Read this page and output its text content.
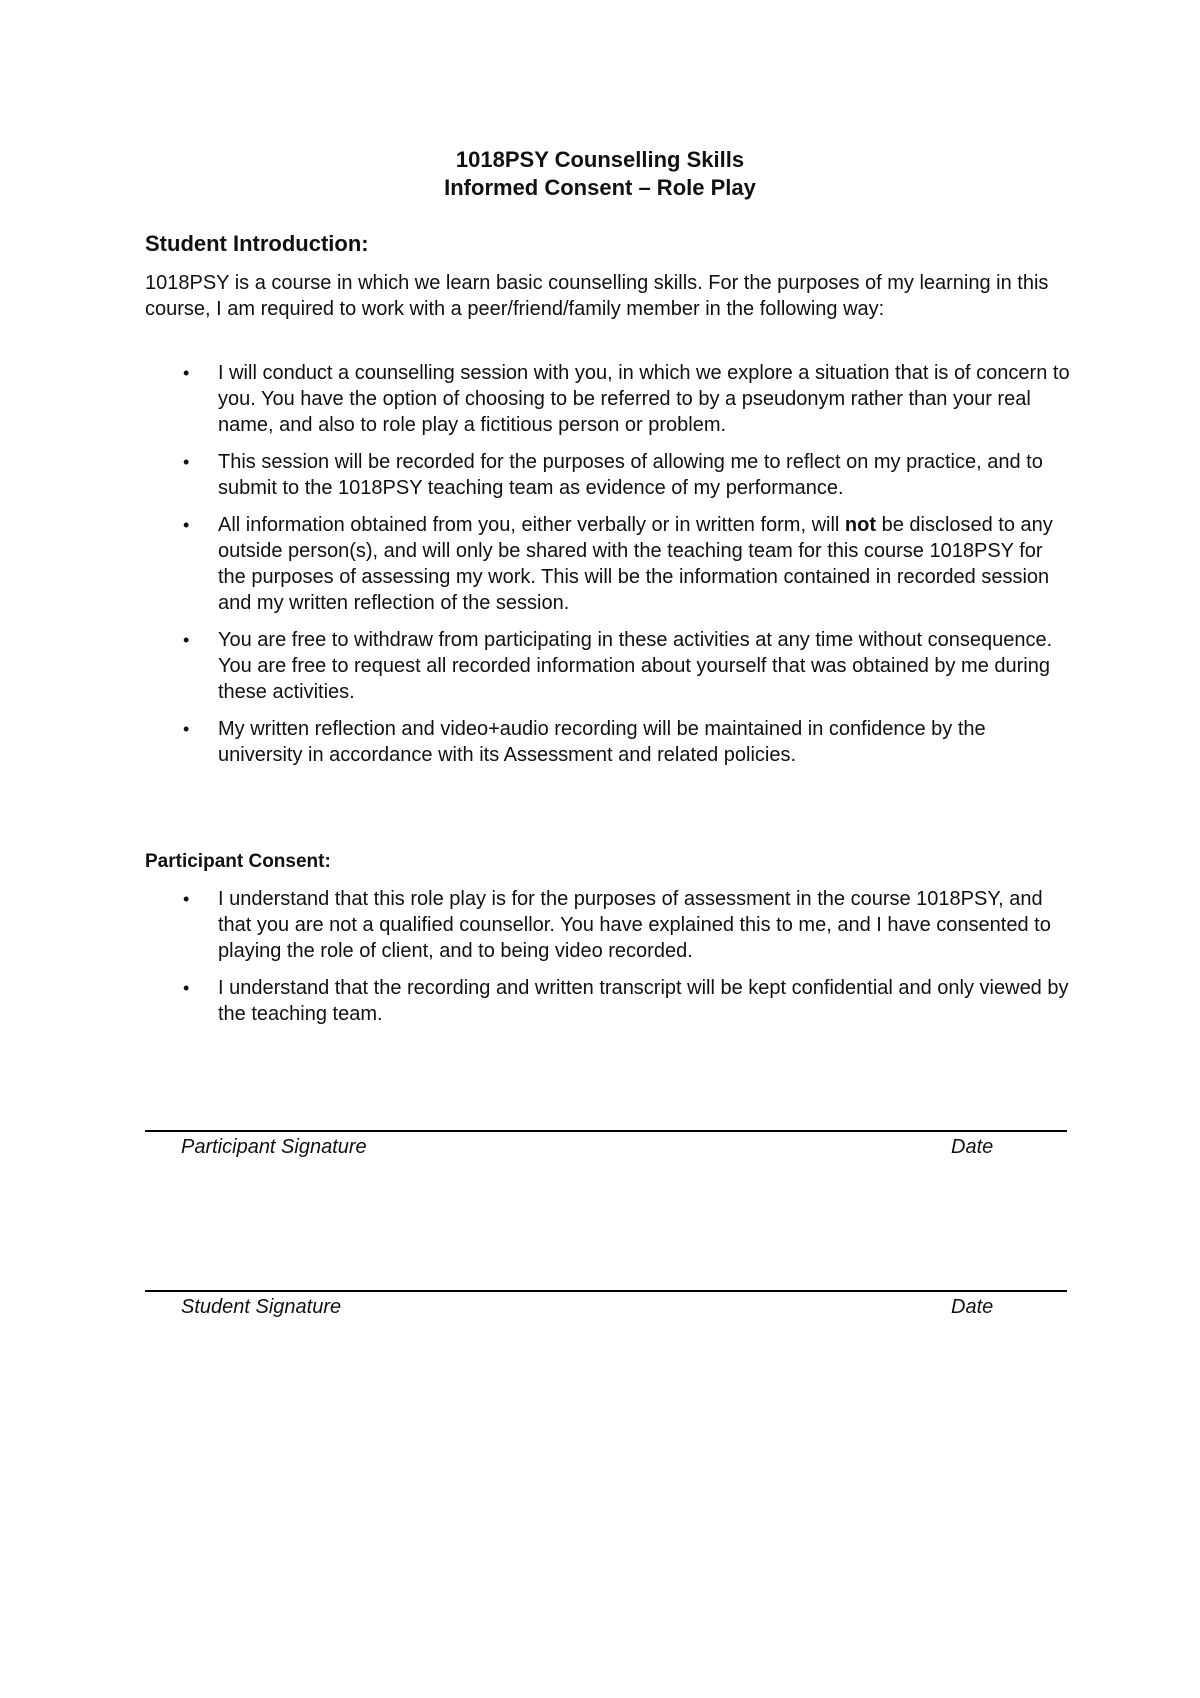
1018PSY Counselling Skills

Informed Consent – Role Play

Student Introduction:

1018PSY is a course in which we learn basic counselling skills. For the purposes of my learning in this course, I am required to work with a peer/friend/family member in the following way:

• I will conduct a counselling session with you, in which we explore a situation that is of concern to you. You have the option of choosing to be referred to by a pseudonym rather than your real name, and also to role play a fictitious person or problem.
• This session will be recorded for the purposes of allowing me to reflect on my practice, and to submit to the 1018PSY teaching team as evidence of my performance.
• All information obtained from you, either verbally or in written form, will not be disclosed to any outside person(s), and will only be shared with the teaching team for this course 1018PSY for the purposes of assessing my work. This will be the information contained in recorded session and my written reflection of the session.
• You are free to withdraw from participating in these activities at any time without consequence. You are free to request all recorded information about yourself that was obtained by me during these activities.
• My written reflection and video+audio recording will be maintained in confidence by the university in accordance with its Assessment and related policies.
Participant Consent:
• I understand that this role play is for the purposes of assessment in the course 1018PSY, and that you are not a qualified counsellor. You have explained this to me, and I have consented to playing the role of client, and to being video recorded.
• I understand that the recording and written transcript will be kept confidential and only viewed by the teaching team.
Participant Signature	Date
Student Signature	Date
